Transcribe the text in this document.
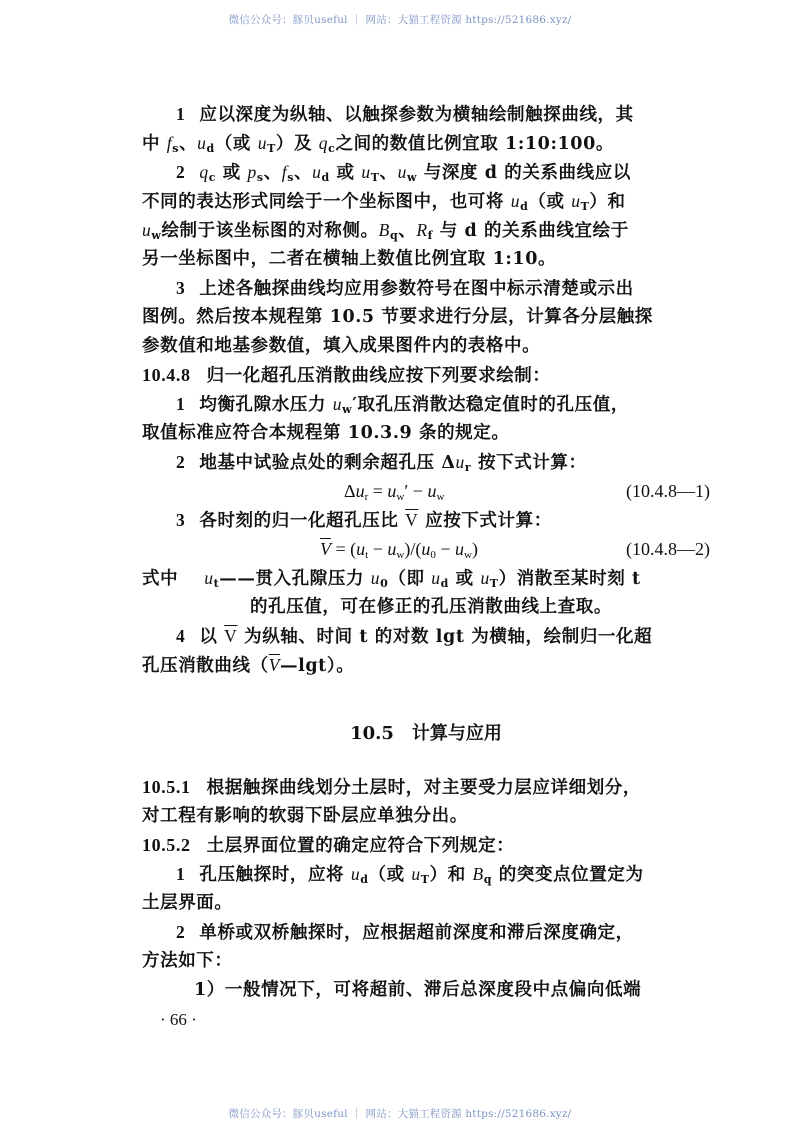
微信公众号：豚贝useful ｜ 网站：大猫工程资源 https://521686.xyz/
1 应以深度为纵轴、以触探参数为横轴绘制触探曲线，其
中 $f_s$、$u_d$（或 $u_T$）及 $q_c$之间的数值比例宜取 1:10:100。
2 $q_c$ 或 $p_s$、$f_s$、$u_d$ 或 $u_T$、$u_w$ 与深度 d 的关系曲线应以
不同的表达形式同绘于一个坐标图中，也可将 $u_d$（或 $u_T$）和
$u_w$绘制于该坐标图的对称侧。$B_q$、$R_f$ 与 d 的关系曲线宜绘于
另一坐标图中，二者在横轴上数值比例宜取 1:10。
3 上述各触探曲线均应用参数符号在图中标示清楚或示出
图例。然后按本规程第 10.5 节要求进行分层，计算各分层触探
参数值和地基参数值，填入成果图件内的表格中。
10.4.8 归一化超孔压消散曲线应按下列要求绘制：
1 均衡孔隙水压力 $u_w'$取孔压消散达稳定值时的孔压值，
取值标准应符合本规程第 10.3.9 条的规定。
2 地基中试验点处的剩余超孔压 $\Delta u_r$ 按下式计算：
$\Delta u_r = u_w' - u_w$	(10.4.8—1)
3 各时刻的归一化超孔压比 $\overline{V}$ 应按下式计算：
$\overline{V} = (u_t - u_w)/(u_0 - u_w)$	(10.4.8—2)
式中 $u_t——$贯入孔隙压力 $u_0$（即 $u_d$ 或 $u_T$）消散至某时刻 t
的孔压值，可在修正的孔压消散曲线上查取。
4 以 $\overline{V}$ 为纵轴、时间 t 的对数 lgt 为横轴，绘制归一化超
孔压消散曲线$(\overline{V}—\lg t)$。
10.5　计算与应用
10.5.1 根据触探曲线划分土层时，对主要受力层应详细划分，
对工程有影响的软弱下卧层应单独分出。
10.5.2 土层界面位置的确定应符合下列规定：
1 孔压触探时，应将 $u_d$（或 $u_T$）和 $B_q$ 的突变点位置定为
土层界面。
2 单桥或双桥触探时，应根据超前深度和滞后深度确定，
方法如下：
1）一般情况下，可将超前、滞后总深度段中点偏向低端
· 66 ·
微信公众号：豚贝useful ｜ 网站：大猫工程资源 https://521686.xyz/
